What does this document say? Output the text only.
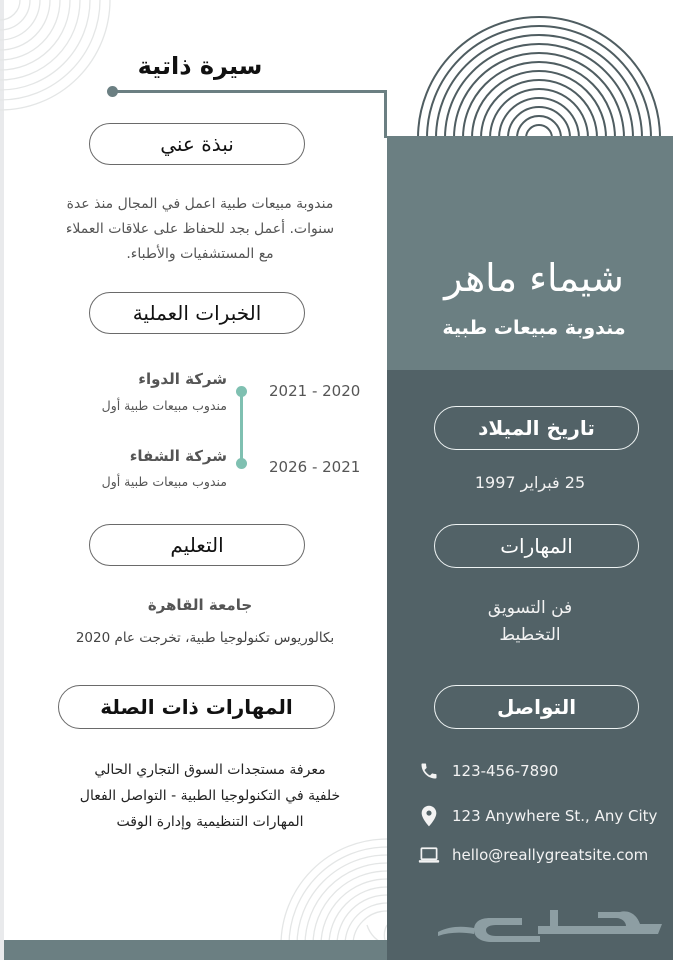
سيرة ذاتية
نبذة عني
مندوبة مبيعات طبية اعمل في المجال منذ عدة
سنوات. أعمل بجد للحفاظ على علاقات العملاء
مع المستشفيات والأطباء.
الخبرات العملية
شركة الدواء
مندوب مبيعات طبية أول
2021 - 2020
شركة الشفاء
مندوب مبيعات طبية أول
2026 - 2021
التعليم
جامعة القاهرة
بكالوريوس تكنولوجيا طبية، تخرجت عام 2020
المهارات ذات الصلة
معرفة مستجدات السوق التجاري الحالي
خلفية في التكنولوجيا الطبية - التواصل الفعال
المهارات التنظيمية وإدارة الوقت
شيماء ماهر
مندوبة مبيعات طبية
تاريخ الميلاد
25 فبراير 1997
المهارات
فن التسويق
التخطيط
التواصل
123-456-7890
123 Anywhere St., Any City
hello@reallygreatsite.com
